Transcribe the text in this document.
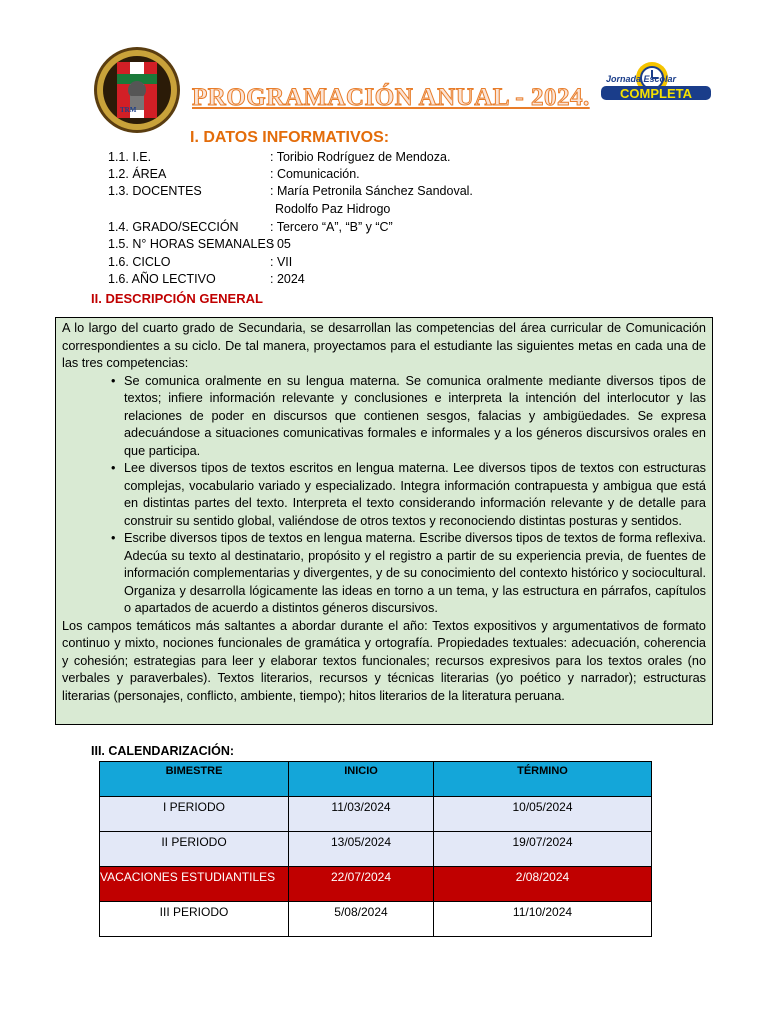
TRM PROGRAMACIÓN ANUAL - 2024.
Jornada Escolar
COMPLETA
I. DATOS INFORMATIVOS:
1.1. I.E.	: Toribio Rodríguez de Mendoza.
1.2. ÁREA	: Comunicación.
1.3. DOCENTES	: María Petronila Sánchez Sandoval.
Rodolfo Paz Hidrogo
1.4. GRADO/SECCIÓN	: Tercero “A”, “B” y “C”
1.5. N° HORAS SEMANALES: 05
1.6. CICLO	: VII
1.6. AÑO LECTIVO	: 2024
II. DESCRIPCIÓN GENERAL

A lo largo del cuarto grado de Secundaria, se desarrollan las competencias del área curricular de Comunicación correspondientes a su ciclo. De tal manera, proyectamos para el estudiante las siguientes metas en cada una de las tres competencias:

• Se comunica oralmente en su lengua materna. Se comunica oralmente mediante diversos tipos de textos; infiere información relevante y conclusiones e interpreta la intención del interlocutor y las relaciones de poder en discursos que contienen sesgos, falacias y ambigüedades. Se expresa adecuándose a situaciones comunicativas formales e informales y a los géneros discursivos orales en que participa.
• Lee diversos tipos de textos escritos en lengua materna. Lee diversos tipos de textos con estructuras complejas, vocabulario variado y especializado. Integra información contrapuesta y ambigua que está en distintas partes del texto. Interpreta el texto considerando información relevante y de detalle para construir su sentido global, valiéndose de otros textos y reconociendo distintas posturas y sentidos.
• Escribe diversos tipos de textos en lengua materna. Escribe diversos tipos de textos de forma reflexiva. Adecúa su texto al destinatario, propósito y el registro a partir de su experiencia previa, de fuentes de información complementarias y divergentes, y de su conocimiento del contexto histórico y sociocultural. Organiza y desarrolla lógicamente las ideas en torno a un tema, y las estructura en párrafos, capítulos o apartados de acuerdo a distintos géneros discursivos.

Los campos temáticos más saltantes a abordar durante el año: Textos expositivos y argumentativos de formato continuo y mixto, nociones funcionales de gramática y ortografía. Propiedades textuales: adecuación, coherencia y cohesión; estrategias para leer y elaborar textos funcionales; recursos expresivos para los textos orales (no verbales y paraverbales). Textos literarios, recursos y técnicas literarias (yo poético y narrador); estructuras literarias (personajes, conflicto, ambiente, tiempo); hitos literarios de la literatura peruana.

III. CALENDARIZACIÓN:
BIMESTRE	INICIO	TÉRMINO
I PERIODO	11/03/2024	10/05/2024
II PERIODO	13/05/2024	19/07/2024
VACACIONES ESTUDIANTILES	22/07/2024	2/08/2024
III PERIODO	5/08/2024	11/10/2024
